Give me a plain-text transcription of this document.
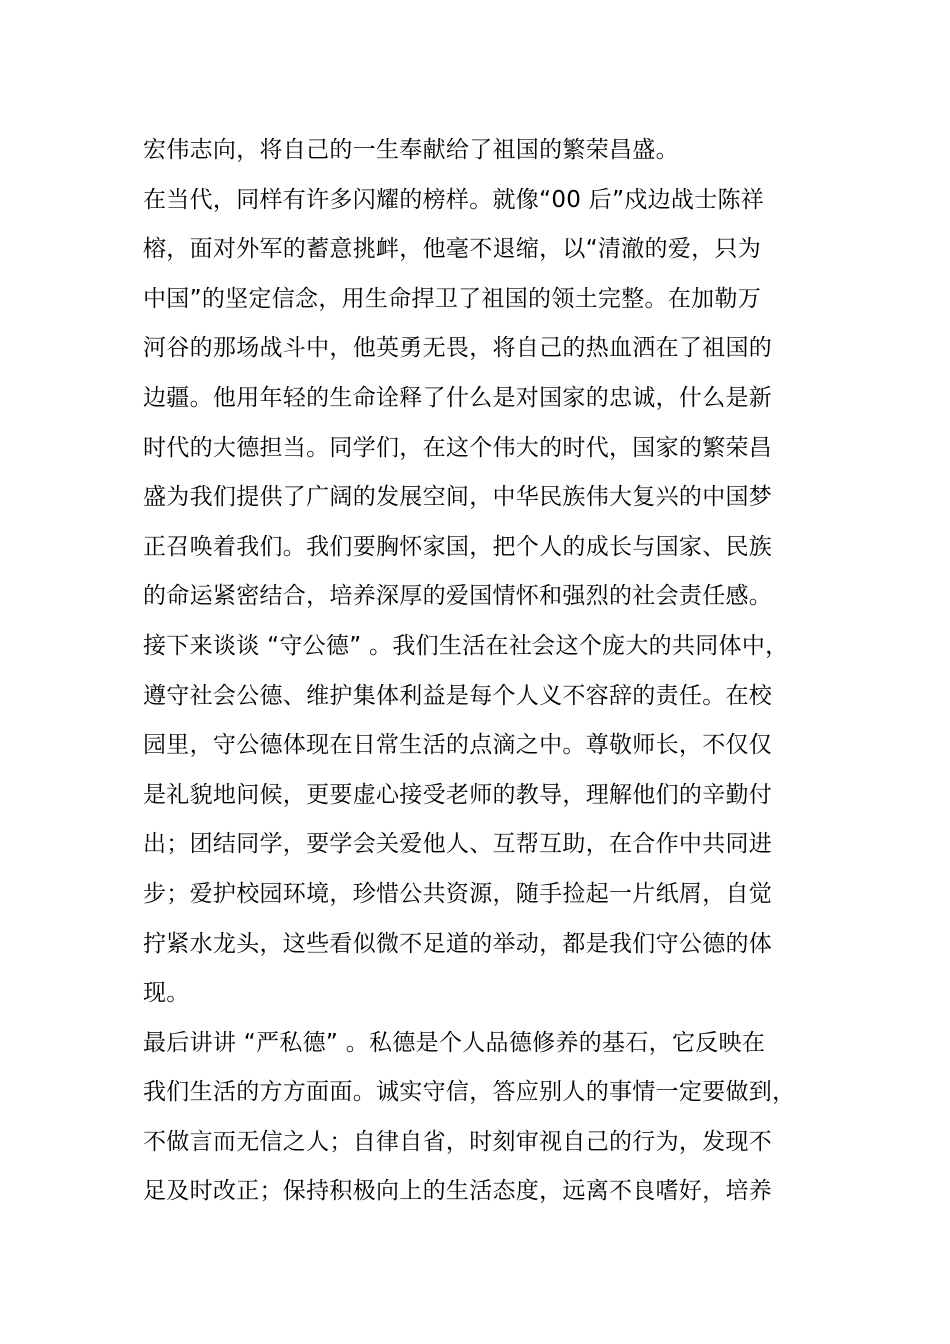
宏伟志向，将自己的一生奉献给了祖国的繁荣昌盛。
在当代，同样有许多闪耀的榜样。就像“00 后”戍边战士陈祥
榕，面对外军的蓄意挑衅，他毫不退缩，以“清澈的爱，只为
中国”的坚定信念，用生命捍卫了祖国的领土完整。在加勒万
河谷的那场战斗中，他英勇无畏，将自己的热血洒在了祖国的
边疆。他用年轻的生命诠释了什么是对国家的忠诚，什么是新
时代的大德担当。同学们，在这个伟大的时代，国家的繁荣昌
盛为我们提供了广阔的发展空间，中华民族伟大复兴的中国梦
正召唤着我们。我们要胸怀家国，把个人的成长与国家、民族
的命运紧密结合，培养深厚的爱国情怀和强烈的社会责任感。
接下来谈谈 “守公德” 。我们生活在社会这个庞大的共同体中，
遵守社会公德、维护集体利益是每个人义不容辞的责任。在校
园里，守公德体现在日常生活的点滴之中。尊敬师长，不仅仅
是礼貌地问候，更要虚心接受老师的教导，理解他们的辛勤付
出；团结同学，要学会关爱他人、互帮互助，在合作中共同进
步；爱护校园环境，珍惜公共资源，随手捡起一片纸屑，自觉
拧紧水龙头，这些看似微不足道的举动，都是我们守公德的体
现。
最后讲讲 “严私德” 。私德是个人品德修养的基石，它反映在
我们生活的方方面面。诚实守信，答应别人的事情一定要做到，
不做言而无信之人；自律自省，时刻审视自己的行为，发现不
足及时改正；保持积极向上的生活态度，远离不良嗜好，培养
